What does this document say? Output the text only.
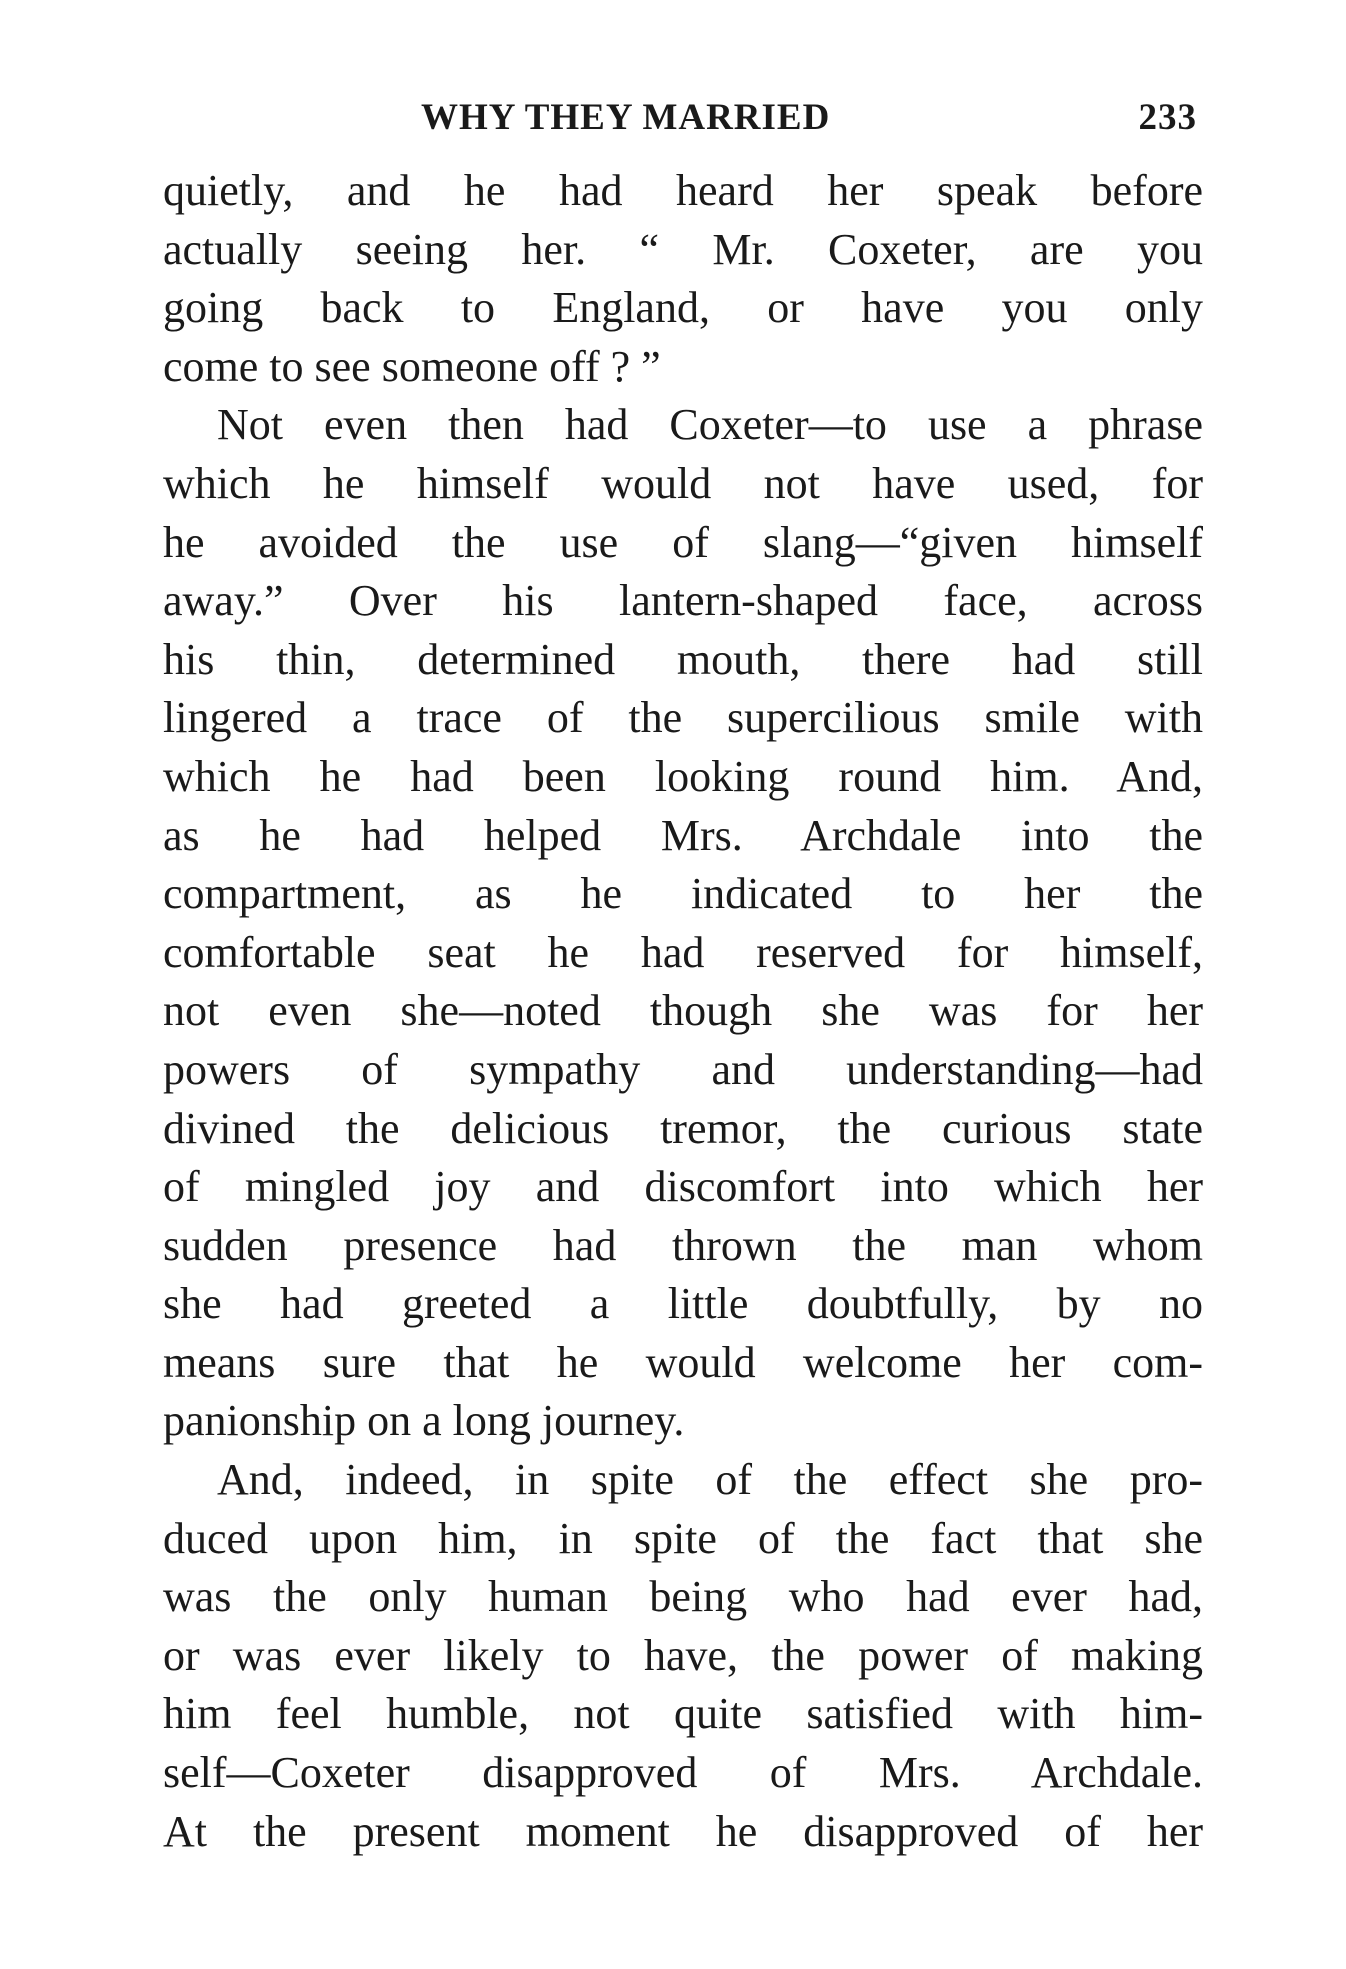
WHY THEY MARRIED	233
quietly, and he had heard her speak before
actually seeing her. “ Mr. Coxeter, are you
going back to England, or have you only
come to see someone off ? ”
Not even then had Coxeter—to use a phrase
which he himself would not have used, for
he avoided the use of slang—“given himself
away.” Over his lantern-shaped face, across
his thin, determined mouth, there had still
lingered a trace of the supercilious smile with
which he had been looking round him. And,
as he had helped Mrs. Archdale into the
compartment, as he indicated to her the
comfortable seat he had reserved for himself,
not even she—noted though she was for her
powers of sympathy and understanding—had
divined the delicious tremor, the curious state
of mingled joy and discomfort into which her
sudden presence had thrown the man whom
she had greeted a little doubtfully, by no
means sure that he would welcome her com-
panionship on a long journey.
And, indeed, in spite of the effect she pro-
duced upon him, in spite of the fact that she
was the only human being who had ever had,
or was ever likely to have, the power of making
him feel humble, not quite satisfied with him-
self—Coxeter disapproved of Mrs. Archdale.
At the present moment he disapproved of her
